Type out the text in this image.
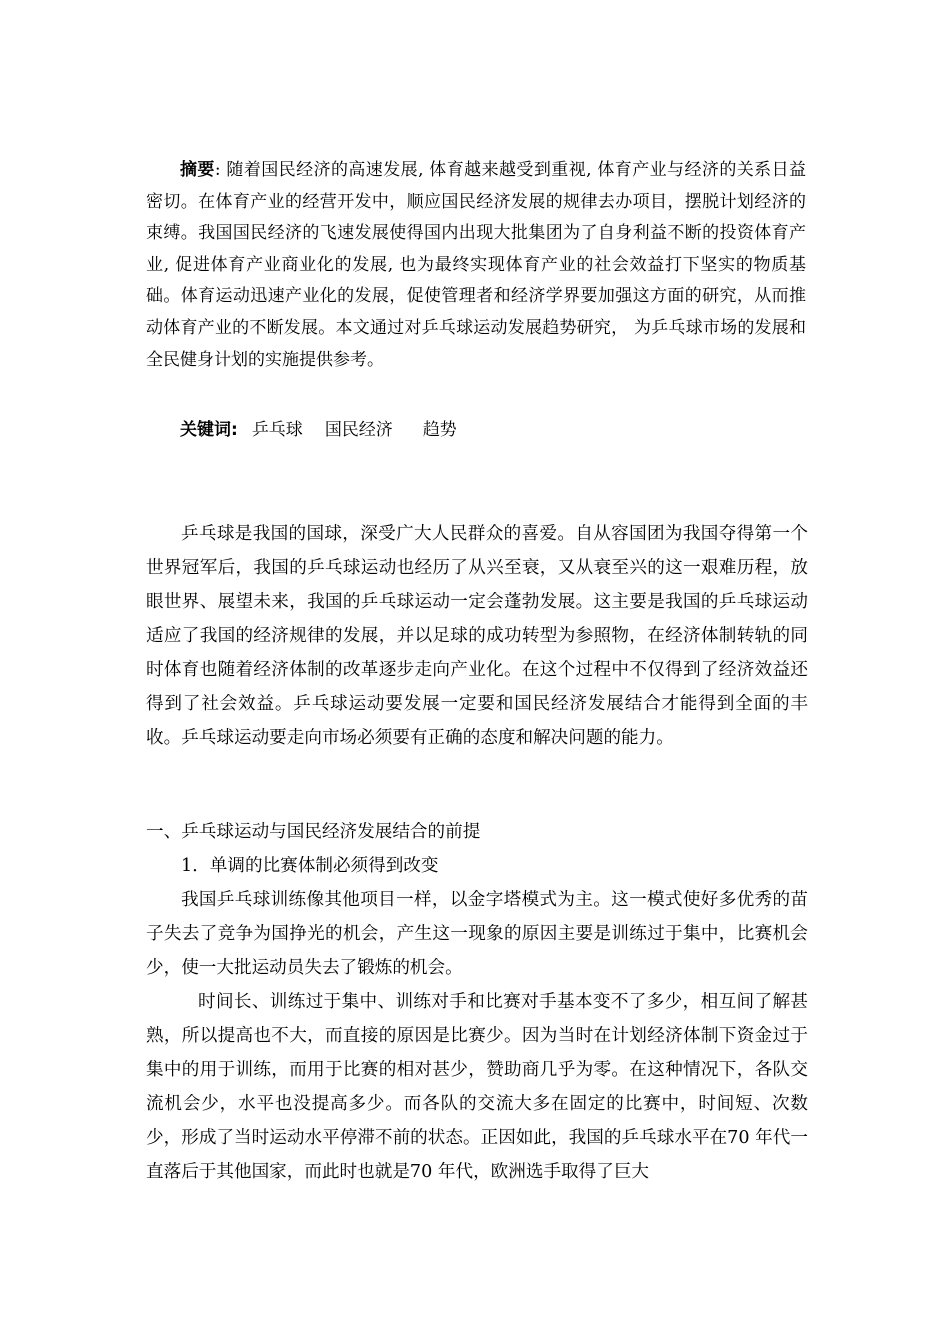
摘要: 随着国民经济的高速发展, 体育越来越受到重视, 体育产业与经济的关系日益密切。在体育产业的经营开发中，顺应国民经济发展的规律去办项目，摆脱计划经济的束缚。我国国民经济的飞速发展使得国内出现大批集团为了自身利益不断的投资体育产业, 促进体育产业商业化的发展, 也为最终实现体育产业的社会效益打下坚实的物质基础。体育运动迅速产业化的发展，促使管理者和经济学界要加强这方面的研究，从而推动体育产业的不断发展。本文通过对乒乓球运动发展趋势研究， 为乒乓球市场的发展和全民健身计划的实施提供参考。

关键词: 乒乓球 国民经济 趋势

乒乓球是我国的国球，深受广大人民群众的喜爱。自从容国团为我国夺得第一个世界冠军后，我国的乒乓球运动也经历了从兴至衰，又从衰至兴的这一艰难历程，放眼世界、展望未来，我国的乒乓球运动一定会蓬勃发展。这主要是我国的乒乓球运动适应了我国的经济规律的发展，并以足球的成功转型为参照物，在经济体制转轨的同时体育也随着经济体制的改革逐步走向产业化。在这个过程中不仅得到了经济效益还得到了社会效益。乒乓球运动要发展一定要和国民经济发展结合才能得到全面的丰收。乒乓球运动要走向市场必须要有正确的态度和解决问题的能力。

一、乒乓球运动与国民经济发展结合的前提

1．单调的比赛体制必须得到改变

我国乒乓球训练像其他项目一样，以金字塔模式为主。这一模式使好多优秀的苗子失去了竞争为国挣光的机会，产生这一现象的原因主要是训练过于集中，比赛机会少，使一大批运动员失去了锻炼的机会。

时间长、训练过于集中、训练对手和比赛对手基本变不了多少，相互间了解甚熟，所以提高也不大，而直接的原因是比赛少。因为当时在计划经济体制下资金过于集中的用于训练，而用于比赛的相对甚少，赞助商几乎为零。在这种情况下，各队交流机会少，水平也没提高多少。而各队的交流大多在固定的比赛中，时间短、次数少，形成了当时运动水平停滞不前的状态。正因如此，我国的乒乓球水平在70 年代一直落后于其他国家，而此时也就是70 年代，欧洲选手取得了巨大
